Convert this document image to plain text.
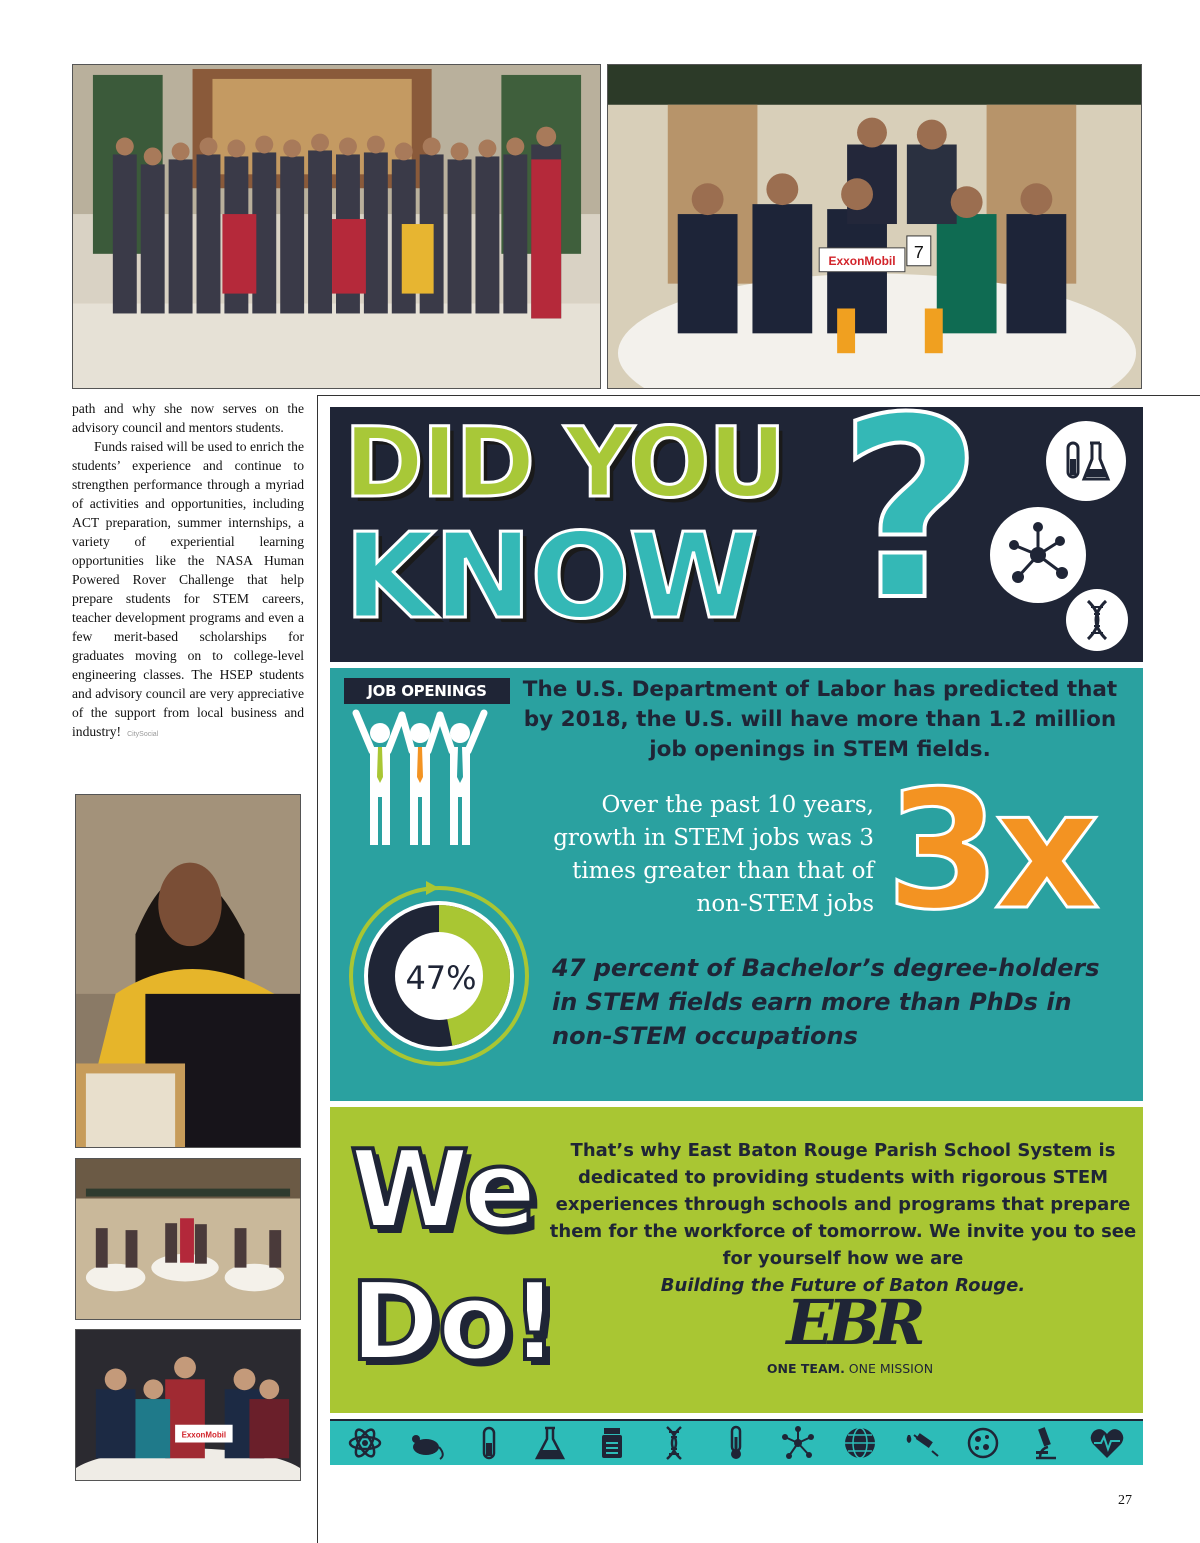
ExxonMobil 7

path and why she now serves on the advisory council and mentors students.

Funds raised will be used to enrich the students’ experience and continue to strengthen performance through a myriad of activities and opportunities, including ACT preparation, summer internships, a variety of experiential learning opportunities like the NASA Human Powered Rover Challenge that help prepare students for STEM careers, teacher development programs and even a few merit-based scholarships for graduates moving on to college-level engineering classes. The HSEP students and advisory council are very appreciative of the support from local business and industry! CitySocial

ExxonMobil
DID YOU
KNOW ?
JOB OPENINGS	The U.S. Department of Labor has predicted that by 2018, the U.S. will have more than 1.2 million job openings in STEM fields.
Over the past 10 years, growth in STEM jobs was 3 times greater than that of non-STEM jobs 3x
47%	47 percent of Bachelor’s degree-holders in STEM fields earn more than PhDs in non-STEM occupations
We
Do!
That’s why East Baton Rouge Parish School System is dedicated to providing students with rigorous STEM experiences through schools and programs that prepare them for the workforce of tomorrow. We invite you to see for yourself how we are
Building the Future of Baton Rouge.
EBR
ONE TEAM. ONE MISSION
27
